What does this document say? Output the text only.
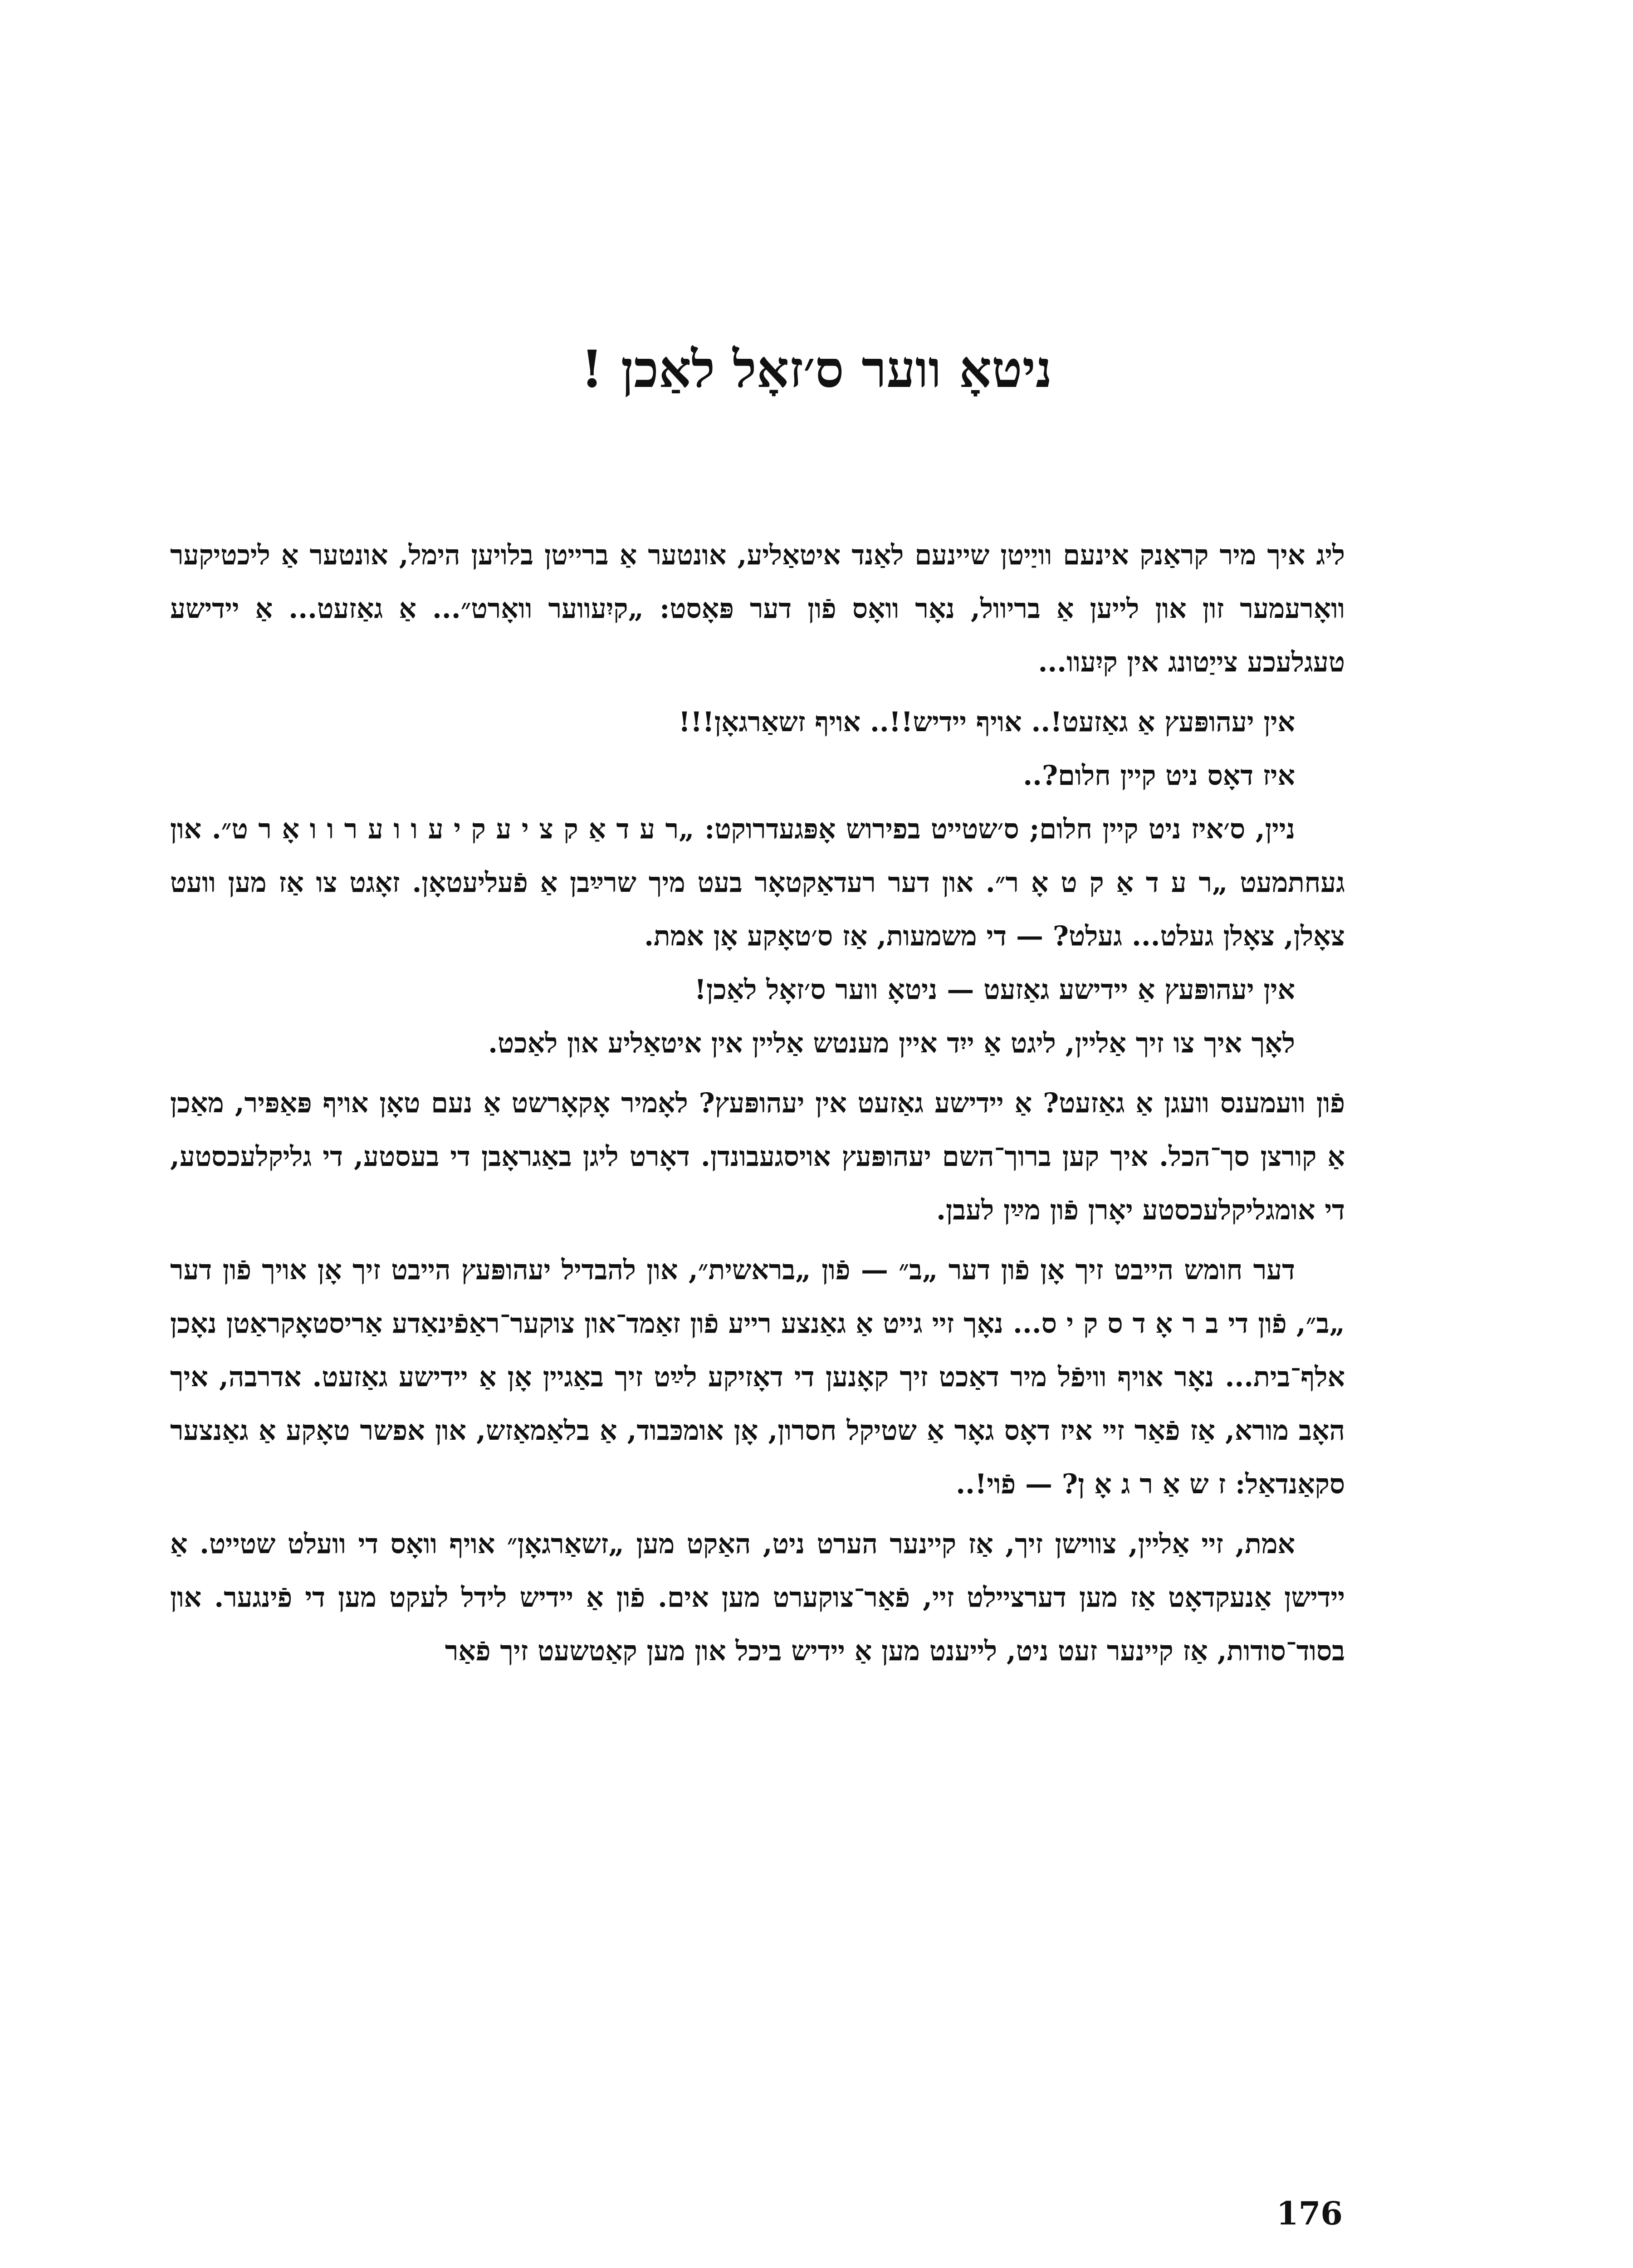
ניטאָ ווער ס׳זאָל לאַכן !

ליג איך מיר קראַנק אינעם וויַיטן שיינעם לאַנד איטאַליע, אונטער אַ ברייטן בלויען הימל, אונטער אַ ליכטיקער וואָרעמער זון און לייען אַ בריוול, נאָר וואָס פֿון דער פּאָסט: „קיִעווער וואָרט״... אַ גאַזעט... אַ יידישע טעגלעכע צייַטונג אין קיִעוו...

אין יעהופּעץ אַ גאַזעט!.. אויף יידיש!!.. אויף זשאַרגאָן!!!

איז דאָס ניט קיין חלום?..

ניין, ס׳איז ניט קיין חלום; ס׳שטייט בפירוש אָפּגעדרוקט: „ר ע ד אַ ק צ י ע ק י ע ו ו ע ר ו ו אָ ר ט״. און געחתמעט „ר ע ד אַ ק ט אָ ר״. און דער רעדאַקטאָר בעט מיך שרײַבן אַ פֿעליעטאָן. זאָגט צו אַז מען וועט צאָלן, צאָלן געלט... געלט? — די משמעות, אַז ס׳טאָקע אָן אמת.

אין יעהופּעץ אַ יידישע גאַזעט — ניטאָ ווער ס׳זאָל לאַכן!

לאָך איך צו זיך אַליין, ליגט אַ ייִד איין מענטש אַליין אין איטאַליע און לאַכט.

פֿון וועמענס וועגן אַ גאַזעט? אַ יידישע גאַזעט אין יעהופּעץ? לאָמיר אָקאָרשט אַ נעם טאָן אויף פּאַפּיר, מאַכן אַ קורצן סך־הכל. איך קען ברוך־השם יעהופּעץ אויסגעבונדן. דאָרט ליגן באַגראָבן די בעסטע, די גליקלעכסטע, די אומגליקלעכסטע יאָרן פֿון מײַן לעבן.

דער חומש הייבט זיך אָן פֿון דער „ב״ — פֿון „בראשית״, און להבדיל יעהופּעץ הייבט זיך אָן אויך פֿון דער „ב״, פֿון די ב ר אָ ד ס ק י ס... נאָך זיי גייט אַ גאַנצע רייע פֿון זאַמד־און צוקער־ראַפֿינאַדע אַריסטאָקראַטן נאָכן אלף־בית... נאָר אויף וויפֿל מיר דאַכט זיך קאָנען די דאָזיקע לײַט זיך באַגיין אָן אַ יידישע גאַזעט. אדרבה, איך האָב מורא, אַז פֿאַר זיי איז דאָס גאָר אַ שטיקל חסרון, אָן אומכּבוד, אַ בלאַמאַזש, און אפשר טאָקע אַ גאַנצער סקאַנדאַל: ז ש אַ ר ג אָ ן? — פֿוי!..

אמת, זיי אַליין, צווישן זיך, אַז קיינער הערט ניט, האַקט מען „זשאַרגאָן״ אויף וואָס די וועלט שטייט. אַ יידישן אַנעקדאָט אַז מען דערציילט זיי, פֿאַר־צוקערט מען אים. פֿון אַ יידיש לידל לעקט מען די פֿינגער. און בסוד־סודות, אַז קיינער זעט ניט, לייענט מען אַ יידיש ביכל און מען קאַטשעט זיך פֿאַר

176
